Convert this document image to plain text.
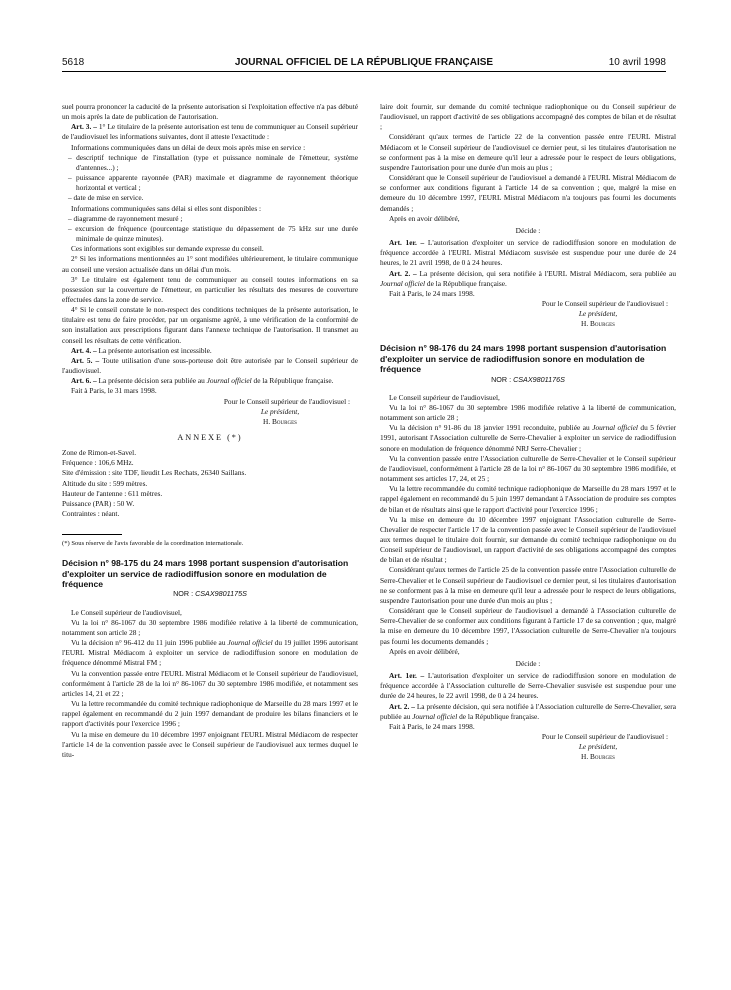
5618	JOURNAL OFFICIEL DE LA RÉPUBLIQUE FRANÇAISE	10 avril 1998

suel pourra prononcer la caducité de la présente autorisation si l'exploitation effective n'a pas débuté un mois après la date de publication de l'autorisation.

Art. 3. – 1° Le titulaire de la présente autorisation est tenu de communiquer au Conseil supérieur de l'audiovisuel les informations suivantes, dont il atteste l'exactitude :

Informations communiquées dans un délai de deux mois après mise en service :

– descriptif technique de l'installation (type et puissance nominale de l'émetteur, système d'antennes...) ;

– puissance apparente rayonnée (PAR) maximale et diagramme de rayonnement théorique horizontal et vertical ;

– date de mise en service.

Informations communiquées sans délai si elles sont disponibles :

– diagramme de rayonnement mesuré ;

– excursion de fréquence (pourcentage statistique du dépassement de 75 kHz sur une durée minimale de quinze minutes).

Ces informations sont exigibles sur demande expresse du conseil.

2° Si les informations mentionnées au 1° sont modifiées ultérieurement, le titulaire communique au conseil une version actualisée dans un délai d'un mois.

3° Le titulaire est également tenu de communiquer au conseil toutes informations en sa possession sur la couverture de l'émetteur, en particulier les résultats des mesures de couverture effectuées dans la zone de service.

4° Si le conseil constate le non-respect des conditions techniques de la présente autorisation, le titulaire est tenu de faire procéder, par un organisme agréé, à une vérification de la conformité de son installation aux prescriptions figurant dans l'annexe technique de l'autorisation. Il transmet au conseil les résultats de cette vérification.

Art. 4. – La présente autorisation est incessible.

Art. 5. – Toute utilisation d'une sous-porteuse doit être autorisée par le Conseil supérieur de l'audiovisuel.

Art. 6. – La présente décision sera publiée au Journal officiel de la République française.

Fait à Paris, le 31 mars 1998.

Pour le Conseil supérieur de l'audiovisuel :

Le président,

H. Bourges

ANNEXE (*)

Zone de Rimon-et-Savel.

Fréquence : 106,6 MHz.

Site d'émission : site TDF, lieudit Les Rechats, 26340 Saillans.

Altitude du site : 599 mètres.

Hauteur de l'antenne : 611 mètres.

Puissance (PAR) : 50 W.

Contraintes : néant.

(*) Sous réserve de l'avis favorable de la coordination internationale.

Décision n° 98-175 du 24 mars 1998 portant suspension d'autorisation d'exploiter un service de radiodiffusion sonore en modulation de fréquence

NOR : CSAX9801175S

Le Conseil supérieur de l'audiovisuel,

Vu la loi n° 86-1067 du 30 septembre 1986 modifiée relative à la liberté de communication, notamment son article 28 ;

Vu la décision n° 96-412 du 11 juin 1996 publiée au Journal officiel du 19 juillet 1996 autorisant l'EURL Mistral Médiacom à exploiter un service de radiodiffusion sonore en modulation de fréquence dénommé Mistral FM ;

Vu la convention passée entre l'EURL Mistral Médiacom et le Conseil supérieur de l'audiovisuel, conformément à l'article 28 de la loi n° 86-1067 du 30 septembre 1986 modifiée, et notamment ses articles 14, 21 et 22 ;

Vu la lettre recommandée du comité technique radiophonique de Marseille du 28 mars 1997 et le rappel également en recommandé du 2 juin 1997 demandant de produire les bilans financiers et le rapport d'activités pour l'exercice 1996 ;

Vu la mise en demeure du 10 décembre 1997 enjoignant l'EURL Mistral Médiacom de respecter l'article 14 de la convention passée avec le Conseil supérieur de l'audiovisuel aux termes duquel le titu-

laire doit fournir, sur demande du comité technique radiophonique ou du Conseil supérieur de l'audiovisuel, un rapport d'activité de ses obligations accompagné des comptes de bilan et de résultat ;

Considérant qu'aux termes de l'article 22 de la convention passée entre l'EURL Mistral Médiacom et le Conseil supérieur de l'audiovisuel ce dernier peut, si les titulaires d'autorisation ne se conforment pas à la mise en demeure qu'il leur a adressée pour le respect de leurs obligations, suspendre l'autorisation pour une durée d'un mois au plus ;

Considérant que le Conseil supérieur de l'audiovisuel a demandé à l'EURL Mistral Médiacom de se conformer aux conditions figurant à l'article 14 de sa convention ; que, malgré la mise en demeure du 10 décembre 1997, l'EURL Mistral Médiacom n'a toujours pas fourni les documents demandés ;

Après en avoir délibéré,

Décide :

Art. 1er. – L'autorisation d'exploiter un service de radiodiffusion sonore en modulation de fréquence accordée à l'EURL Mistral Médiacom susvisée est suspendue pour une durée de 24 heures, le 21 avril 1998, de 0 à 24 heures.

Art. 2. – La présente décision, qui sera notifiée à l'EURL Mistral Médiacom, sera publiée au Journal officiel de la République française.

Fait à Paris, le 24 mars 1998.

Pour le Conseil supérieur de l'audiovisuel :

Le président,

H. Bourges

Décision n° 98-176 du 24 mars 1998 portant suspension d'autorisation d'exploiter un service de radiodiffusion sonore en modulation de fréquence

NOR : CSAX9801176S

Le Conseil supérieur de l'audiovisuel,

Vu la loi n° 86-1067 du 30 septembre 1986 modifiée relative à la liberté de communication, notamment son article 28 ;

Vu la décision n° 91-86 du 18 janvier 1991 reconduite, publiée au Journal officiel du 5 février 1991, autorisant l'Association culturelle de Serre-Chevalier à exploiter un service de radiodiffusion sonore en modulation de fréquence dénommé NRJ Serre-Chevalier ;

Vu la convention passée entre l'Association culturelle de Serre-Chevalier et le Conseil supérieur de l'audiovisuel, conformément à l'article 28 de la loi n° 86-1067 du 30 septembre 1986 modifiée, et notamment ses articles 17, 24, et 25 ;

Vu la lettre recommandée du comité technique radiophonique de Marseille du 28 mars 1997 et le rappel également en recommandé du 5 juin 1997 demandant à l'Association de produire ses comptes de bilan et de résultats ainsi que le rapport d'activité pour l'exercice 1996 ;

Vu la mise en demeure du 10 décembre 1997 enjoignant l'Association culturelle de Serre-Chevalier de respecter l'article 17 de la convention passée avec le Conseil supérieur de l'audiovisuel aux termes duquel le titulaire doit fournir, sur demande du comité technique radiophonique ou du Conseil supérieur de l'audiovisuel, un rapport d'activité de ses obligations accompagné des comptes de bilan et de résultat ;

Considérant qu'aux termes de l'article 25 de la convention passée entre l'Association culturelle de Serre-Chevalier et le Conseil supérieur de l'audiovisuel ce dernier peut, si les titulaires d'autorisation ne se conforment pas à la mise en demeure qu'il leur a adressée pour le respect de leurs obligations, suspendre l'autorisation pour une durée d'un mois au plus ;

Considérant que le Conseil supérieur de l'audiovisuel a demandé à l'Association culturelle de Serre-Chevalier de se conformer aux conditions figurant à l'article 17 de sa convention ; que, malgré la mise en demeure du 10 décembre 1997, l'Association culturelle de Serre-Chevalier n'a toujours pas fourni les documents demandés ;

Après en avoir délibéré,

Décide :

Art. 1er. – L'autorisation d'exploiter un service de radiodiffusion sonore en modulation de fréquence accordée à l'Association culturelle de Serre-Chevalier susvisée est suspendue pour une durée de 24 heures, le 22 avril 1998, de 0 à 24 heures.

Art. 2. – La présente décision, qui sera notifiée à l'Association culturelle de Serre-Chevalier, sera publiée au Journal officiel de la République française.

Fait à Paris, le 24 mars 1998.

Pour le Conseil supérieur de l'audiovisuel :

Le président,

H. Bourges
